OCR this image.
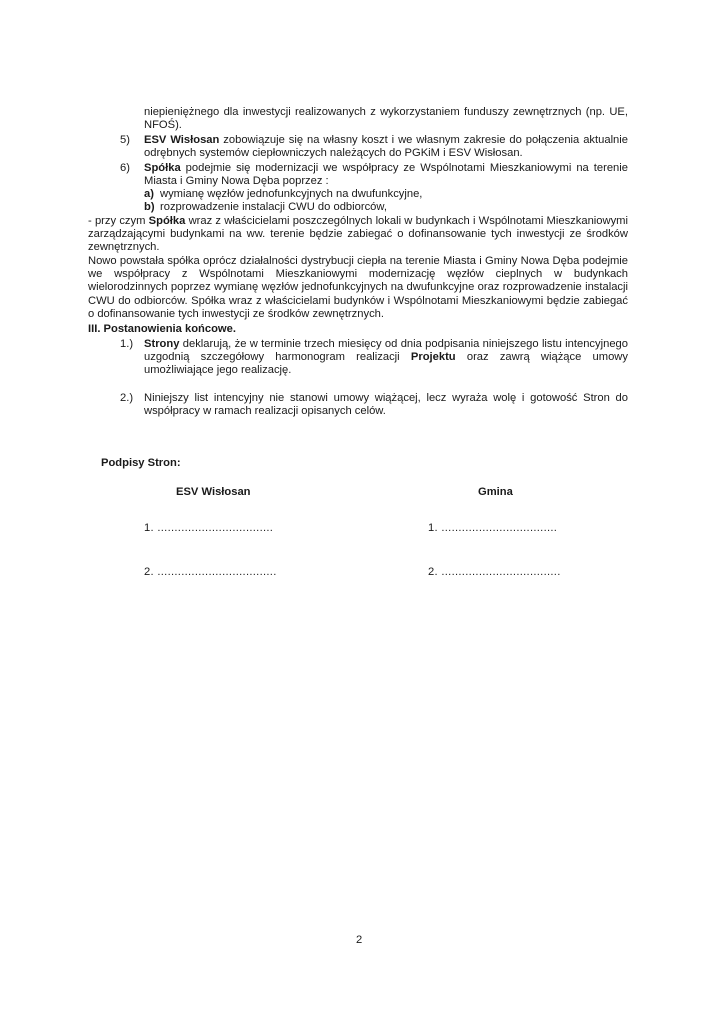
niepieniężnego dla inwestycji realizowanych z wykorzystaniem funduszy zewnętrznych (np. UE, NFOŚ).
5) ESV Wisłosan zobowiązuje się na własny koszt i we własnym zakresie do połączenia aktualnie odrębnych systemów ciepłowniczych należących do PGKiM i ESV Wisłosan.
6) Spółka podejmie się modernizacji we współpracy ze Wspólnotami Mieszkaniowymi na terenie Miasta i Gminy Nowa Dęba poprzez :
a) wymianę węzłów jednofunkcyjnych na dwufunkcyjne,
b) rozprowadzenie instalacji CWU do odbiorców,
- przy czym Spółka wraz z właścicielami poszczególnych lokali w budynkach i Wspólnotami Mieszkaniowymi zarządzającymi budynkami na ww. terenie będzie zabiegać o dofinansowanie tych inwestycji ze środków zewnętrznych.
Nowo powstała spółka oprócz działalności dystrybucji ciepła na terenie Miasta i Gminy Nowa Dęba podejmie we współpracy z Wspólnotami Mieszkaniowymi modernizację węzłów cieplnych w budynkach wielorodzinnych poprzez wymianę węzłów jednofunkcyjnych na dwufunkcyjne oraz rozprowadzenie instalacji CWU do odbiorców. Spółka wraz z właścicielami budynków i Wspólnotami Mieszkaniowymi będzie zabiegać o dofinansowanie tych inwestycji ze środków zewnętrznych.
III. Postanowienia końcowe.
1.) Strony deklarują, że w terminie trzech miesięcy od dnia podpisania niniejszego listu intencyjnego uzgodnią szczegółowy harmonogram realizacji Projektu oraz zawrą wiążące umowy umożliwiające jego realizację.
2.) Niniejszy list intencyjny nie stanowi umowy wiążącej, lecz wyraża wolę i gotowość Stron do współpracy w ramach realizacji opisanych celów.
Podpisy Stron:
ESV Wisłosan	Gmina
1. ..................................	1. ..................................
2. ...................................	2. ...................................
2
